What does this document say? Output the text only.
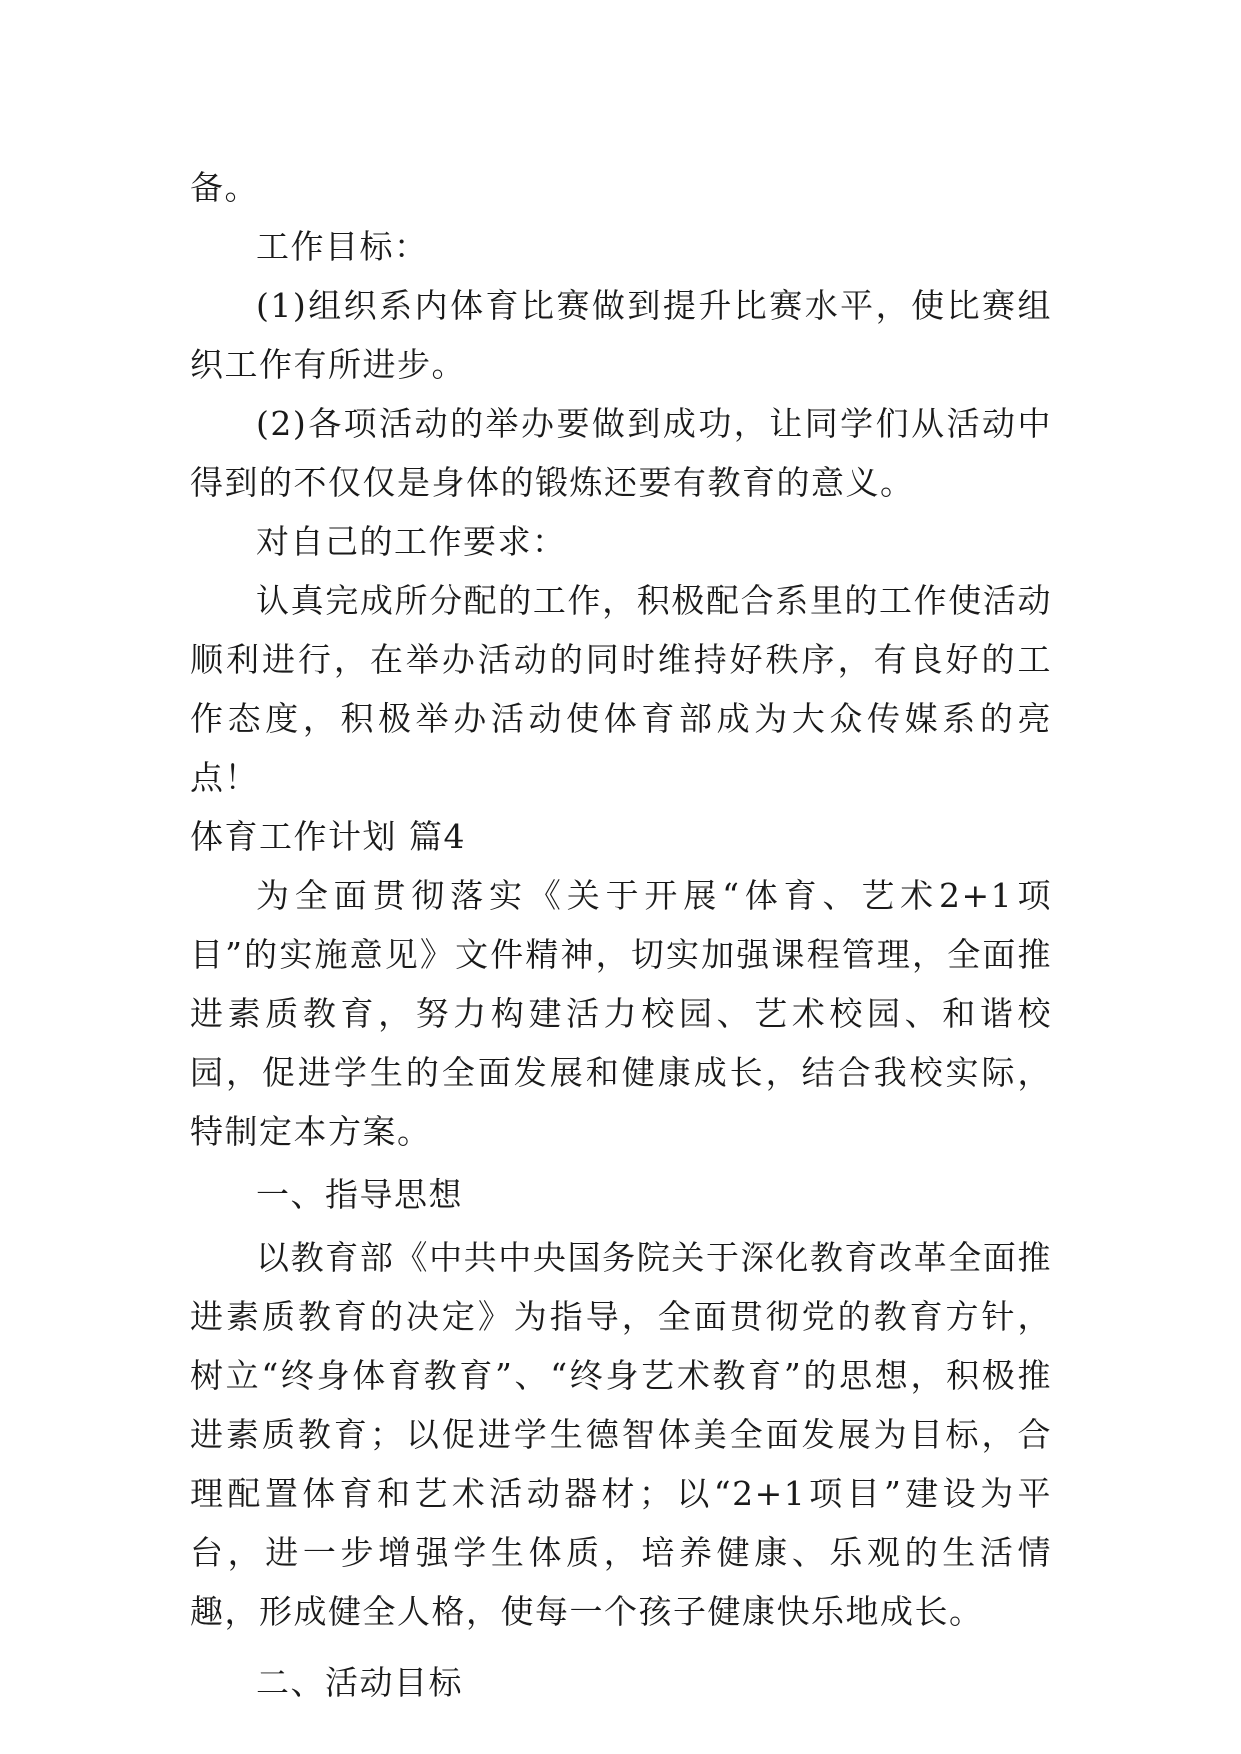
备。

工作目标：

(1)组织系内体育比赛做到提升比赛水平，使比赛组织工作有所进步。

(2)各项活动的举办要做到成功，让同学们从活动中得到的不仅仅是身体的锻炼还要有教育的意义。

对自己的工作要求：

认真完成所分配的工作，积极配合系里的工作使活动顺利进行，在举办活动的同时维持好秩序，有良好的工作态度，积极举办活动使体育部成为大众传媒系的亮点！

体育工作计划 篇4

为全面贯彻落实《关于开展“体育、艺术2+1项目”的实施意见》文件精神，切实加强课程管理，全面推进素质教育，努力构建活力校园、艺术校园、和谐校园，促进学生的全面发展和健康成长，结合我校实际，特制定本方案。

一、指导思想

以教育部《中共中央国务院关于深化教育改革全面推进素质教育的决定》为指导，全面贯彻党的教育方针，树立“终身体育教育”、“终身艺术教育”的思想，积极推进素质教育；以促进学生德智体美全面发展为目标，合理配置体育和艺术活动器材；以“2+1项目”建设为平台，进一步增强学生体质，培养健康、乐观的生活情趣，形成健全人格，使每一个孩子健康快乐地成长。

二、活动目标
